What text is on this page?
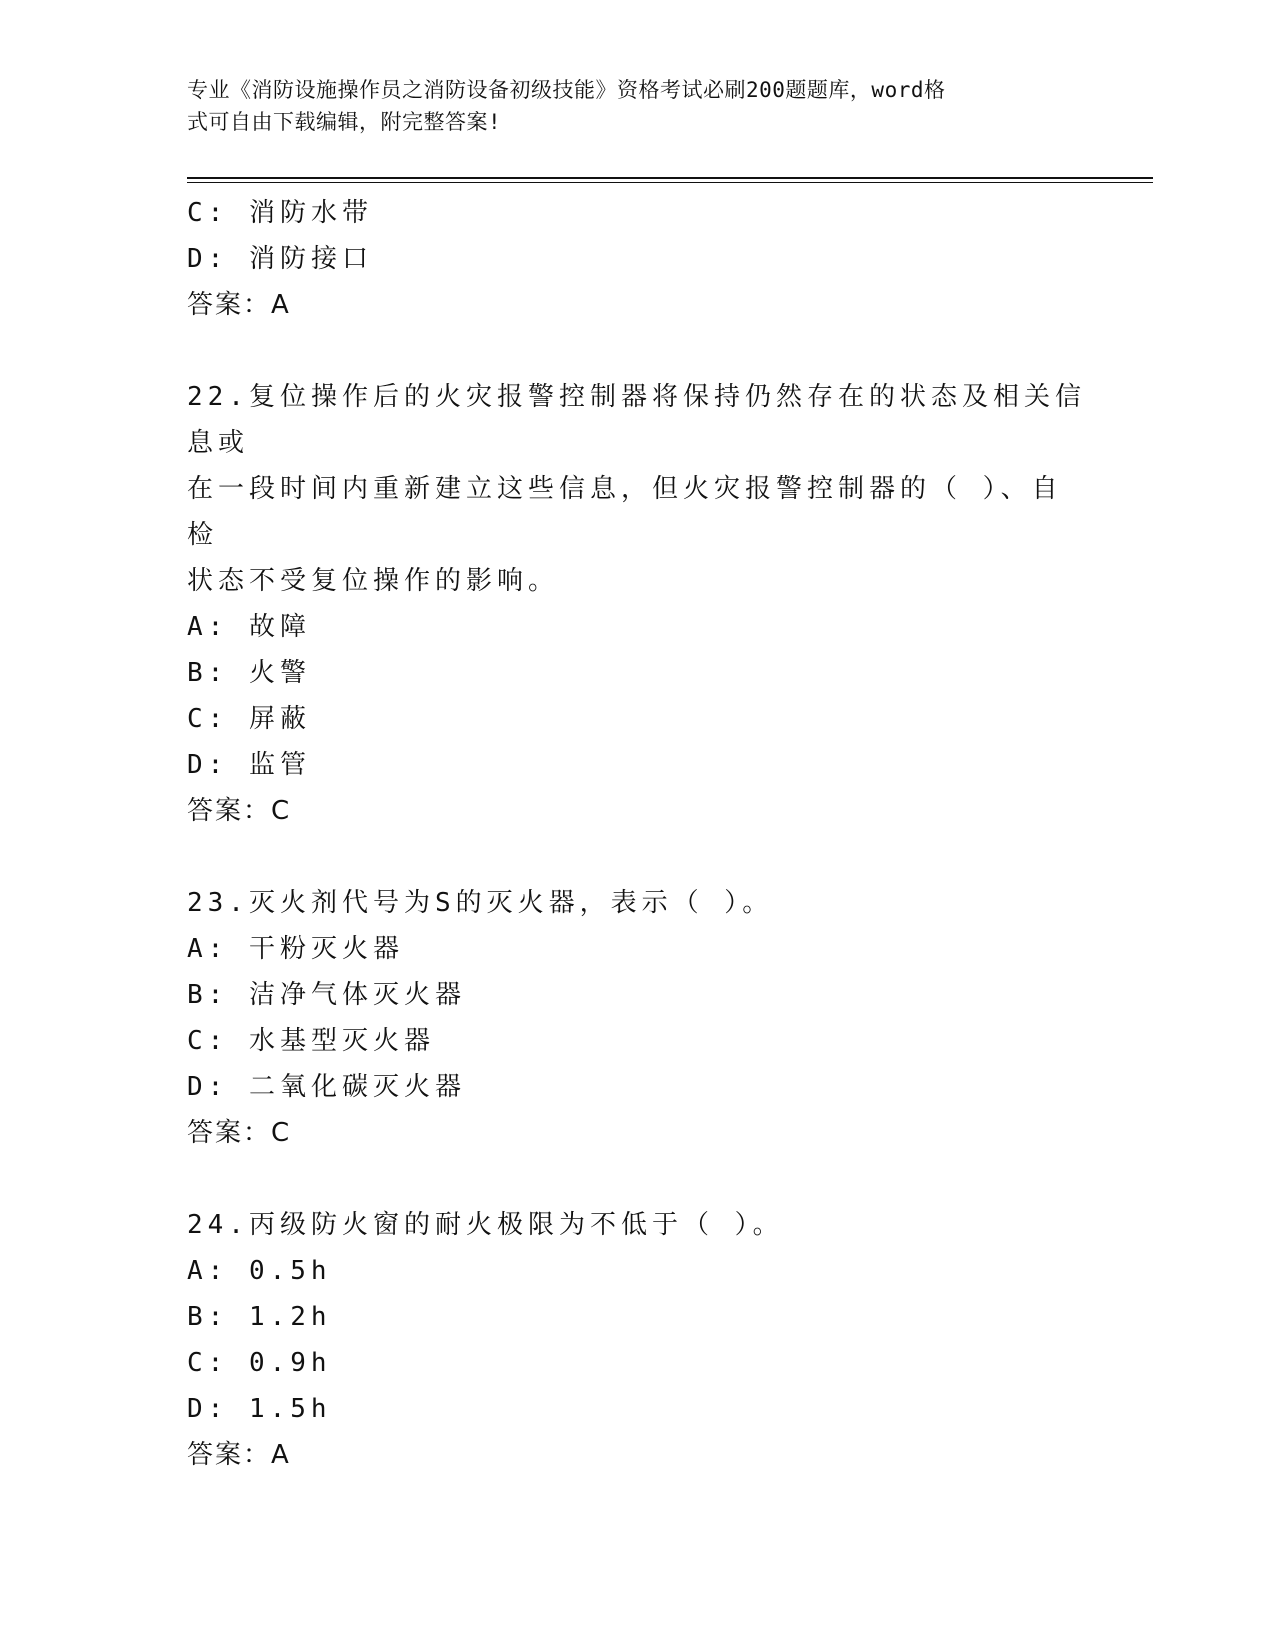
专业《消防设施操作员之消防设备初级技能》资格考试必刷200题题库，word格
式可自由下载编辑，附完整答案!
C: 消防水带
D: 消防接口
答案：A
22.复位操作后的火灾报警控制器将保持仍然存在的状态及相关信息或
在一段时间内重新建立这些信息，但火灾报警控制器的（ ）、自检
状态不受复位操作的影响。
A: 故障
B: 火警
C: 屏蔽
D: 监管
答案：C
23.灭火剂代号为S的灭火器，表示（ ）。
A: 干粉灭火器
B: 洁净气体灭火器
C: 水基型灭火器
D: 二氧化碳灭火器
答案：C
24.丙级防火窗的耐火极限为不低于（ ）。
A: 0.5h
B: 1.2h
C: 0.9h
D: 1.5h
答案：A
